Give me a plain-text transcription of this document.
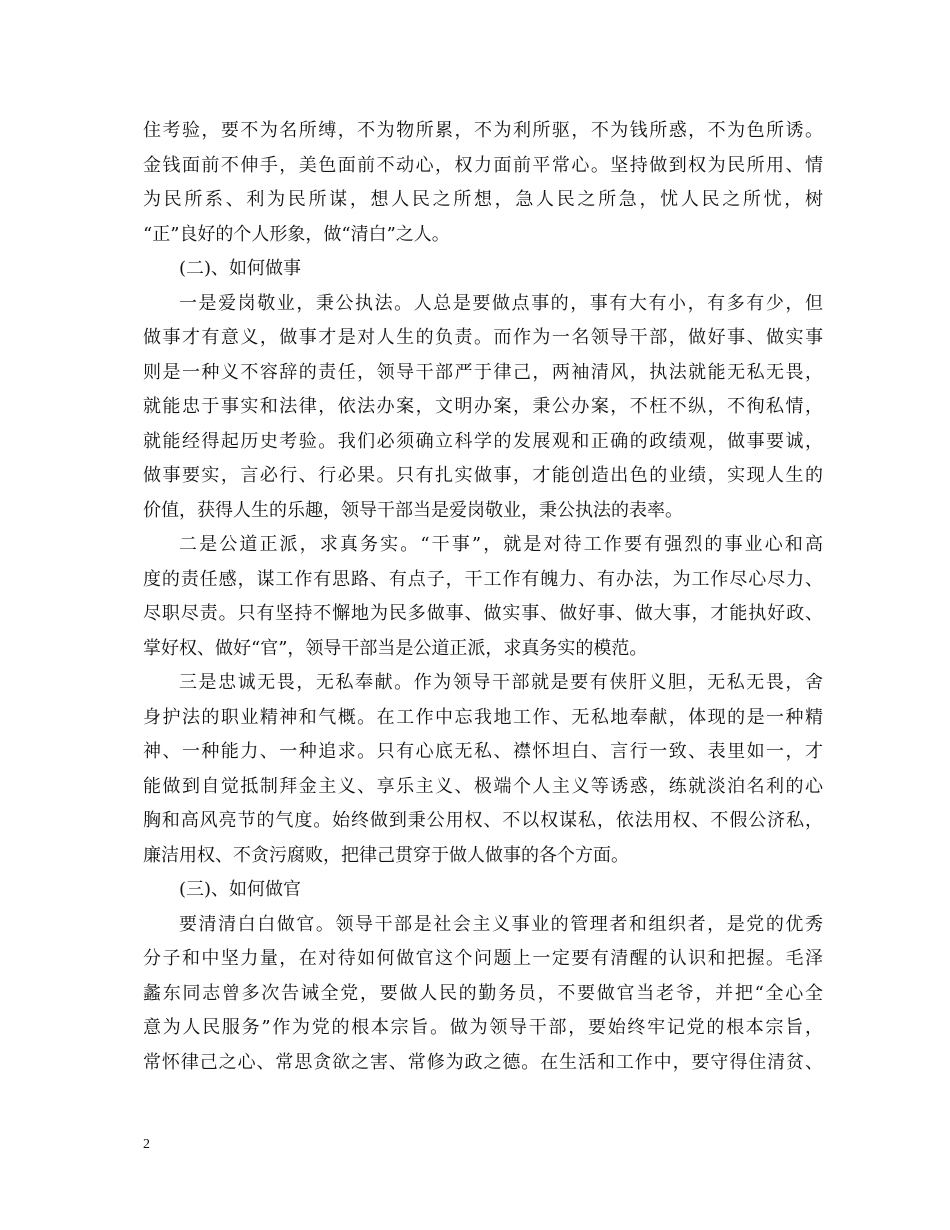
住考验，要不为名所缚，不为物所累，不为利所驱，不为钱所惑，不为色所诱。
金钱面前不伸手，美色面前不动心，权力面前平常心。坚持做到权为民所用、情
为民所系、利为民所谋，想人民之所想，急人民之所急，忧人民之所忧，树
“正”良好的个人形象，做“清白”之人。
(二)、如何做事
一是爱岗敬业，秉公执法。人总是要做点事的，事有大有小，有多有少，但
做事才有意义，做事才是对人生的负责。而作为一名领导干部，做好事、做实事
则是一种义不容辞的责任，领导干部严于律己，两袖清风，执法就能无私无畏，
就能忠于事实和法律，依法办案，文明办案，秉公办案，不枉不纵，不徇私情，
就能经得起历史考验。我们必须确立科学的发展观和正确的政绩观，做事要诚，
做事要实，言必行、行必果。只有扎实做事，才能创造出色的业绩，实现人生的
价值，获得人生的乐趣，领导干部当是爱岗敬业，秉公执法的表率。
二是公道正派，求真务实。“干事”，就是对待工作要有强烈的事业心和高
度的责任感，谋工作有思路、有点子，干工作有魄力、有办法，为工作尽心尽力、
尽职尽责。只有坚持不懈地为民多做事、做实事、做好事、做大事，才能执好政、
掌好权、做好“官”，领导干部当是公道正派，求真务实的模范。
三是忠诚无畏，无私奉献。作为领导干部就是要有侠肝义胆，无私无畏，舍
身护法的职业精神和气概。在工作中忘我地工作、无私地奉献，体现的是一种精
神、一种能力、一种追求。只有心底无私、襟怀坦白、言行一致、表里如一，才
能做到自觉抵制拜金主义、享乐主义、极端个人主义等诱惑，练就淡泊名利的心
胸和高风亮节的气度。始终做到秉公用权、不以权谋私，依法用权、不假公济私，
廉洁用权、不贪污腐败，把律己贯穿于做人做事的各个方面。
(三)、如何做官
要清清白白做官。领导干部是社会主义事业的管理者和组织者，是党的优秀
分子和中坚力量，在对待如何做官这个问题上一定要有清醒的认识和把握。毛泽
蠡东同志曾多次告诫全党，要做人民的勤务员，不要做官当老爷，并把“全心全
意为人民服务”作为党的根本宗旨。做为领导干部，要始终牢记党的根本宗旨，
常怀律己之心、常思贪欲之害、常修为政之德。在生活和工作中，要守得住清贫、
2
